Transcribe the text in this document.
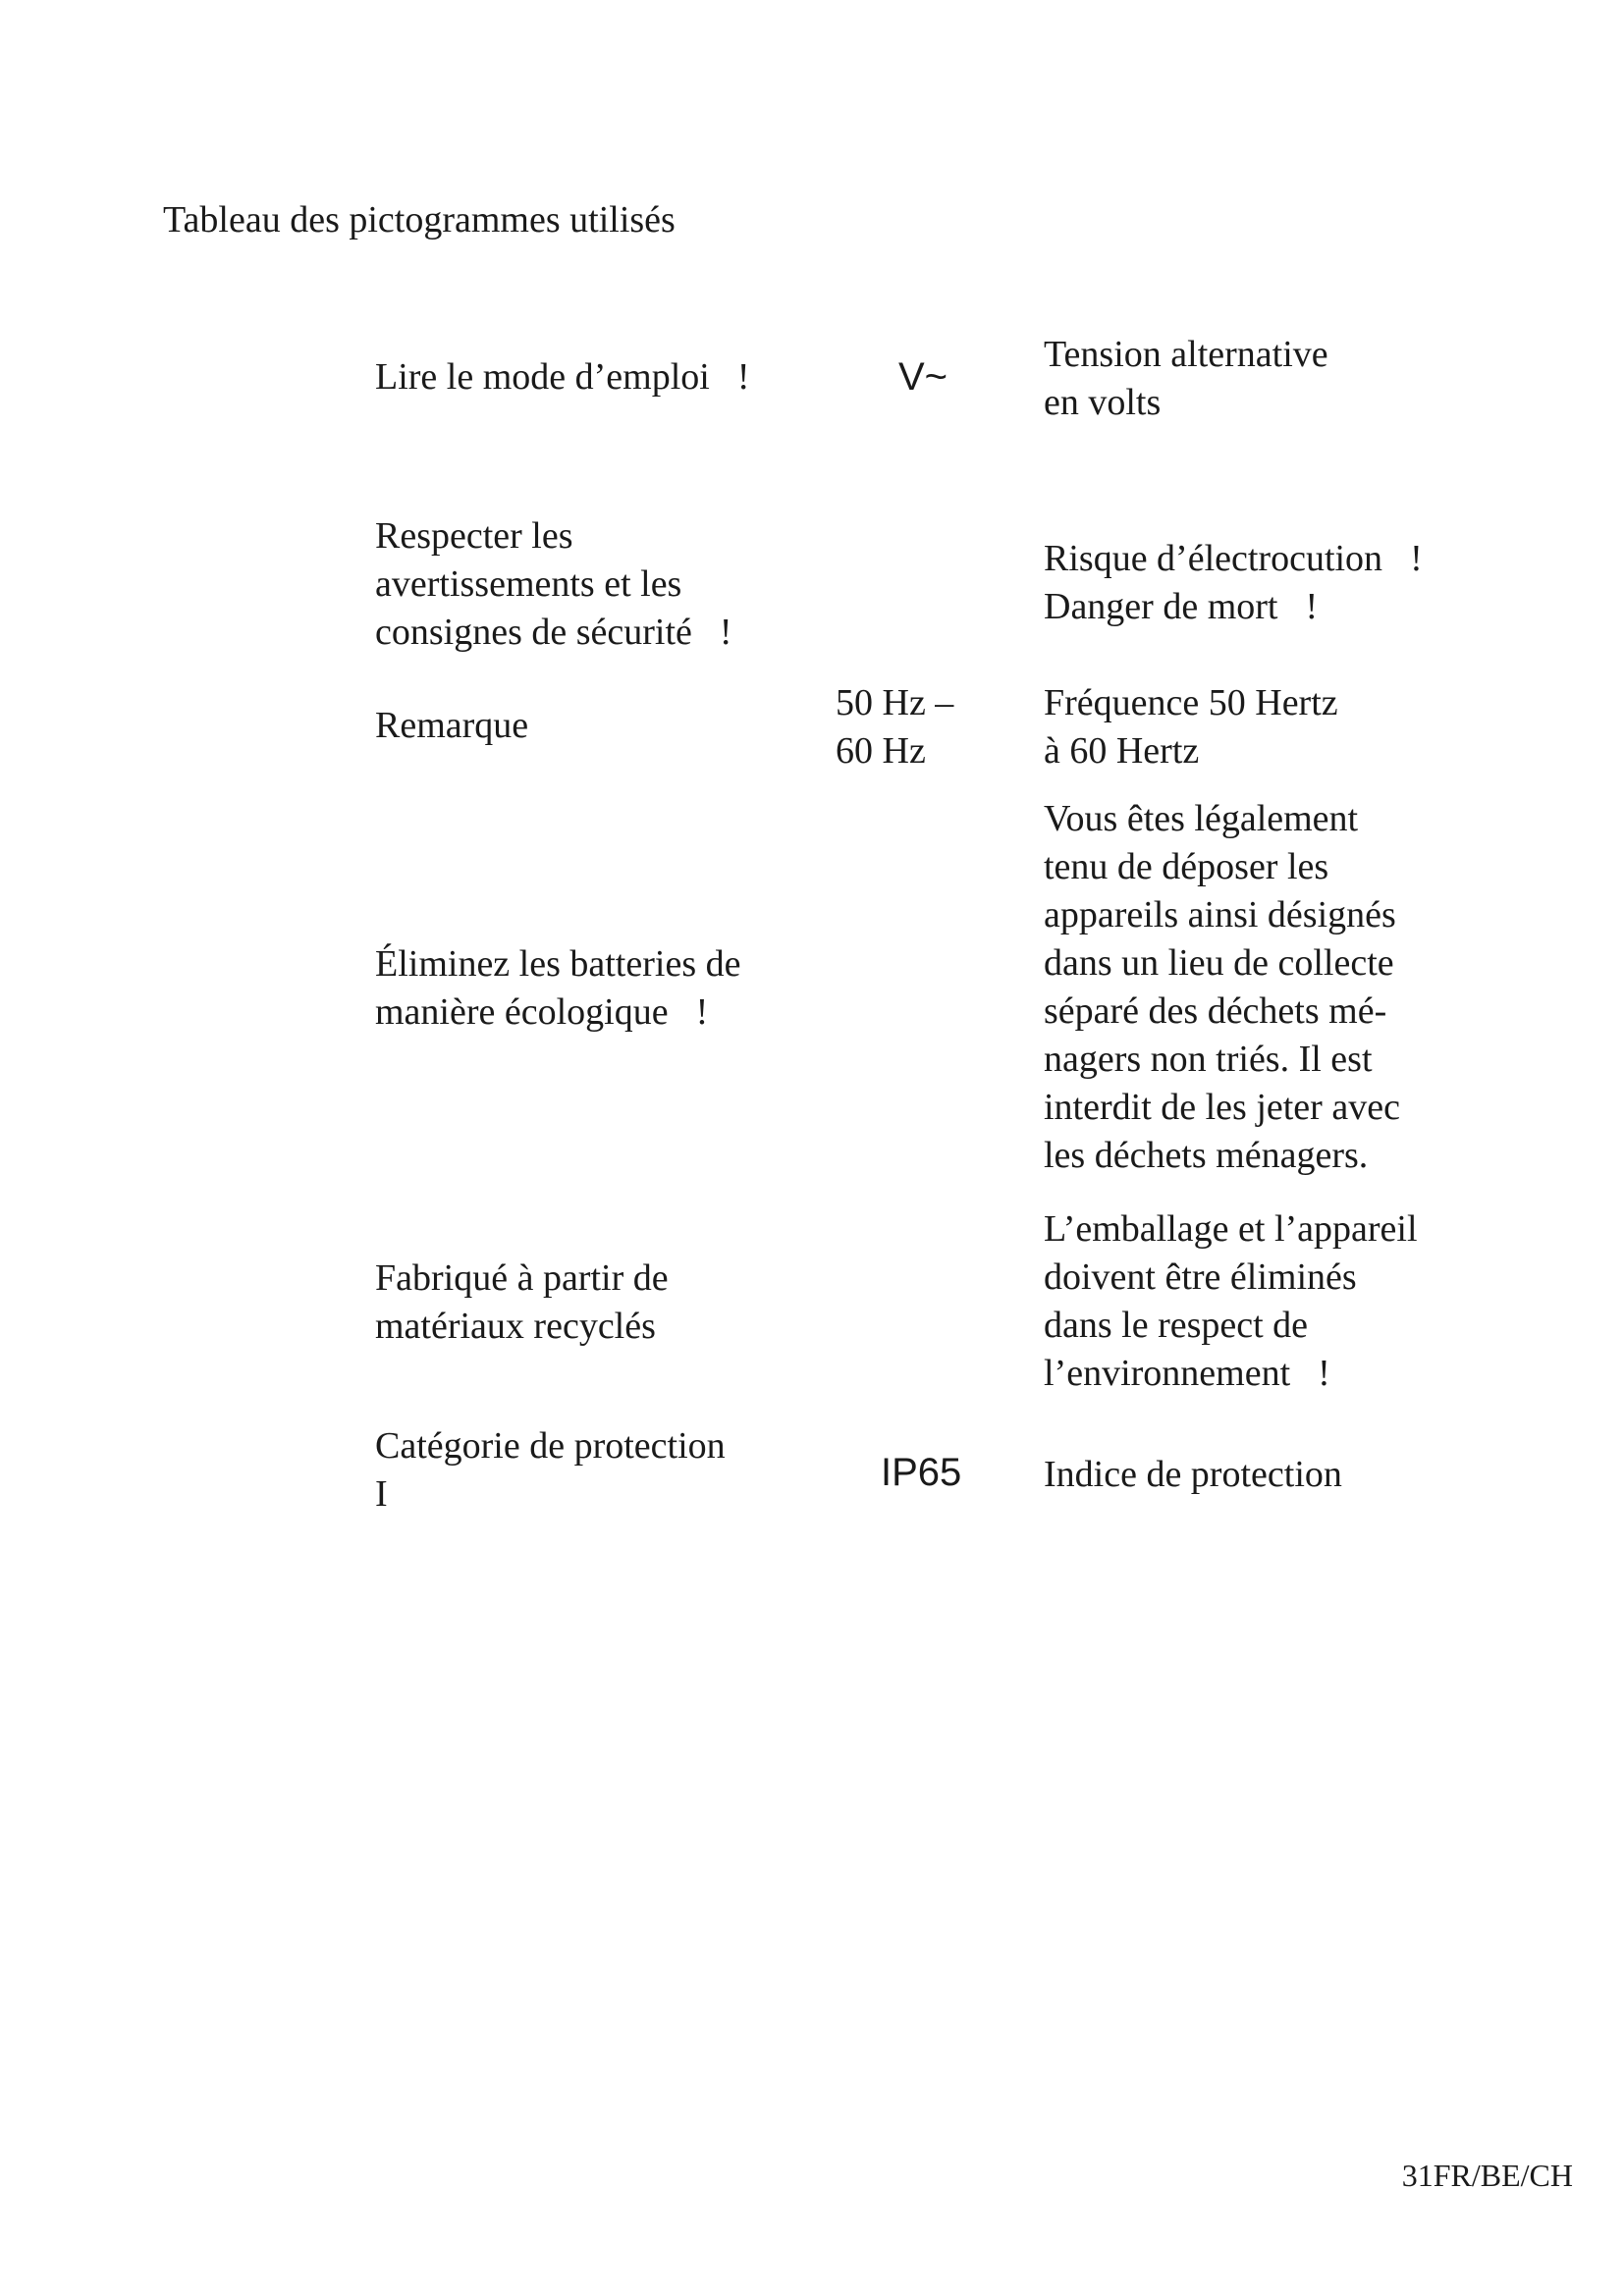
Tableau des pictogrammes utilisés
Lire le mode d’emploi !	V~
Tension alternative
en volts
Respecter les
avertissements et les
consignes de sécurité !
Risque d’électrocution !
Danger de mort !
Remarque
50 Hz –
60 Hz
Fréquence 50 Hertz
à 60 Hertz
Éliminez les batteries de
manière écologique !
Vous êtes légalement
tenu de déposer les
appareils ainsi désignés
dans un lieu de collecte
séparé des déchets mé-
nagers non triés. Il est
interdit de les jeter avec
les déchets ménagers.
Fabriqué à partir de
matériaux recyclés
L’emballage et l’appareil
doivent être éliminés
dans le respect de
l’environnement !
Catégorie de protection
I	IP65 Indice de protection
31FR/BE/CH
